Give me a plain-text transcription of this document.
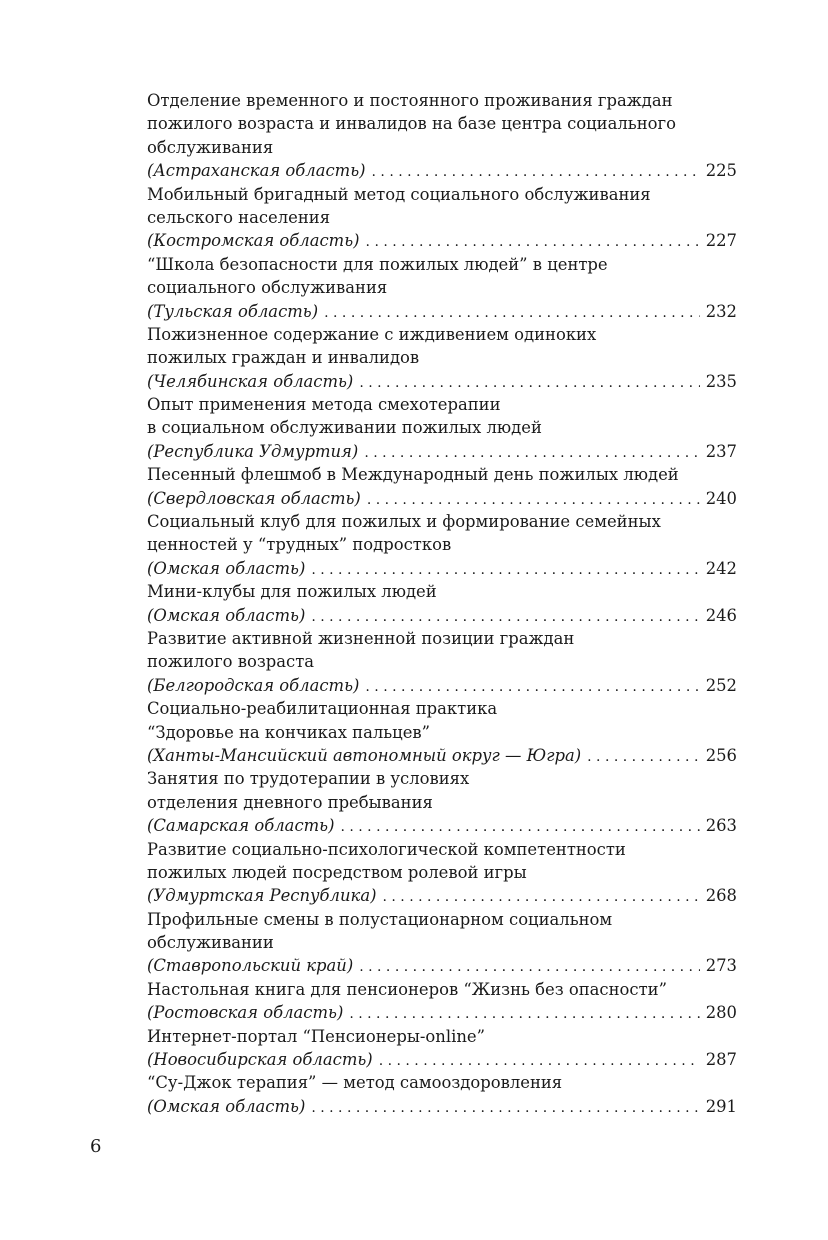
Отделение временного и постоянного проживания граждан
пожилого возраста и инвалидов на базе центра социального
обслуживания
(Астраханская область) . . .	225
Мобильный бригадный метод социального обслуживания
сельского населения
(Костромская область) . . .	227
“Школа безопасности для пожилых людей” в центре
социального обслуживания
(Тульская область) . . .	232
Пожизненное содержание с иждивением одиноких
пожилых граждан и инвалидов
(Челябинская область) . . .	235
Опыт применения метода смехотерапии
в социальном обслуживании пожилых людей
(Республика Удмуртия) . . .	237
Песенный флешмоб в Международный день пожилых людей
(Свердловская область) . . .	240
Социальный клуб для пожилых и формирование семейных
ценностей у “трудных” подростков
(Омская область) . . .	242
Мини-клубы для пожилых людей
(Омская область) . . .	246
Развитие активной жизненной позиции граждан
пожилого возраста
(Белгородская область) . . .	252
Социально-реабилитационная практика
“Здоровье на кончиках пальцев”
(Ханты-Мансийский автономный округ — Югра) . . .	256
Занятия по трудотерапии в условиях
отделения дневного пребывания
(Самарская область) . . .	263
Развитие социально-психологической компетентности
пожилых людей посредством ролевой игры
(Удмуртская Республика) . . .	268
Профильные смены в полустационарном социальном
обслуживании
(Ставропольский край) . . .	273
Настольная книга для пенсионеров “Жизнь без опасности”
(Ростовская область) . . .	280
Интернет-портал “Пенсионеры-online”
(Новосибирская область) . . .	287
“Су-Джок терапия” — метод самооздоровления
(Омская область) . . .	291
6
